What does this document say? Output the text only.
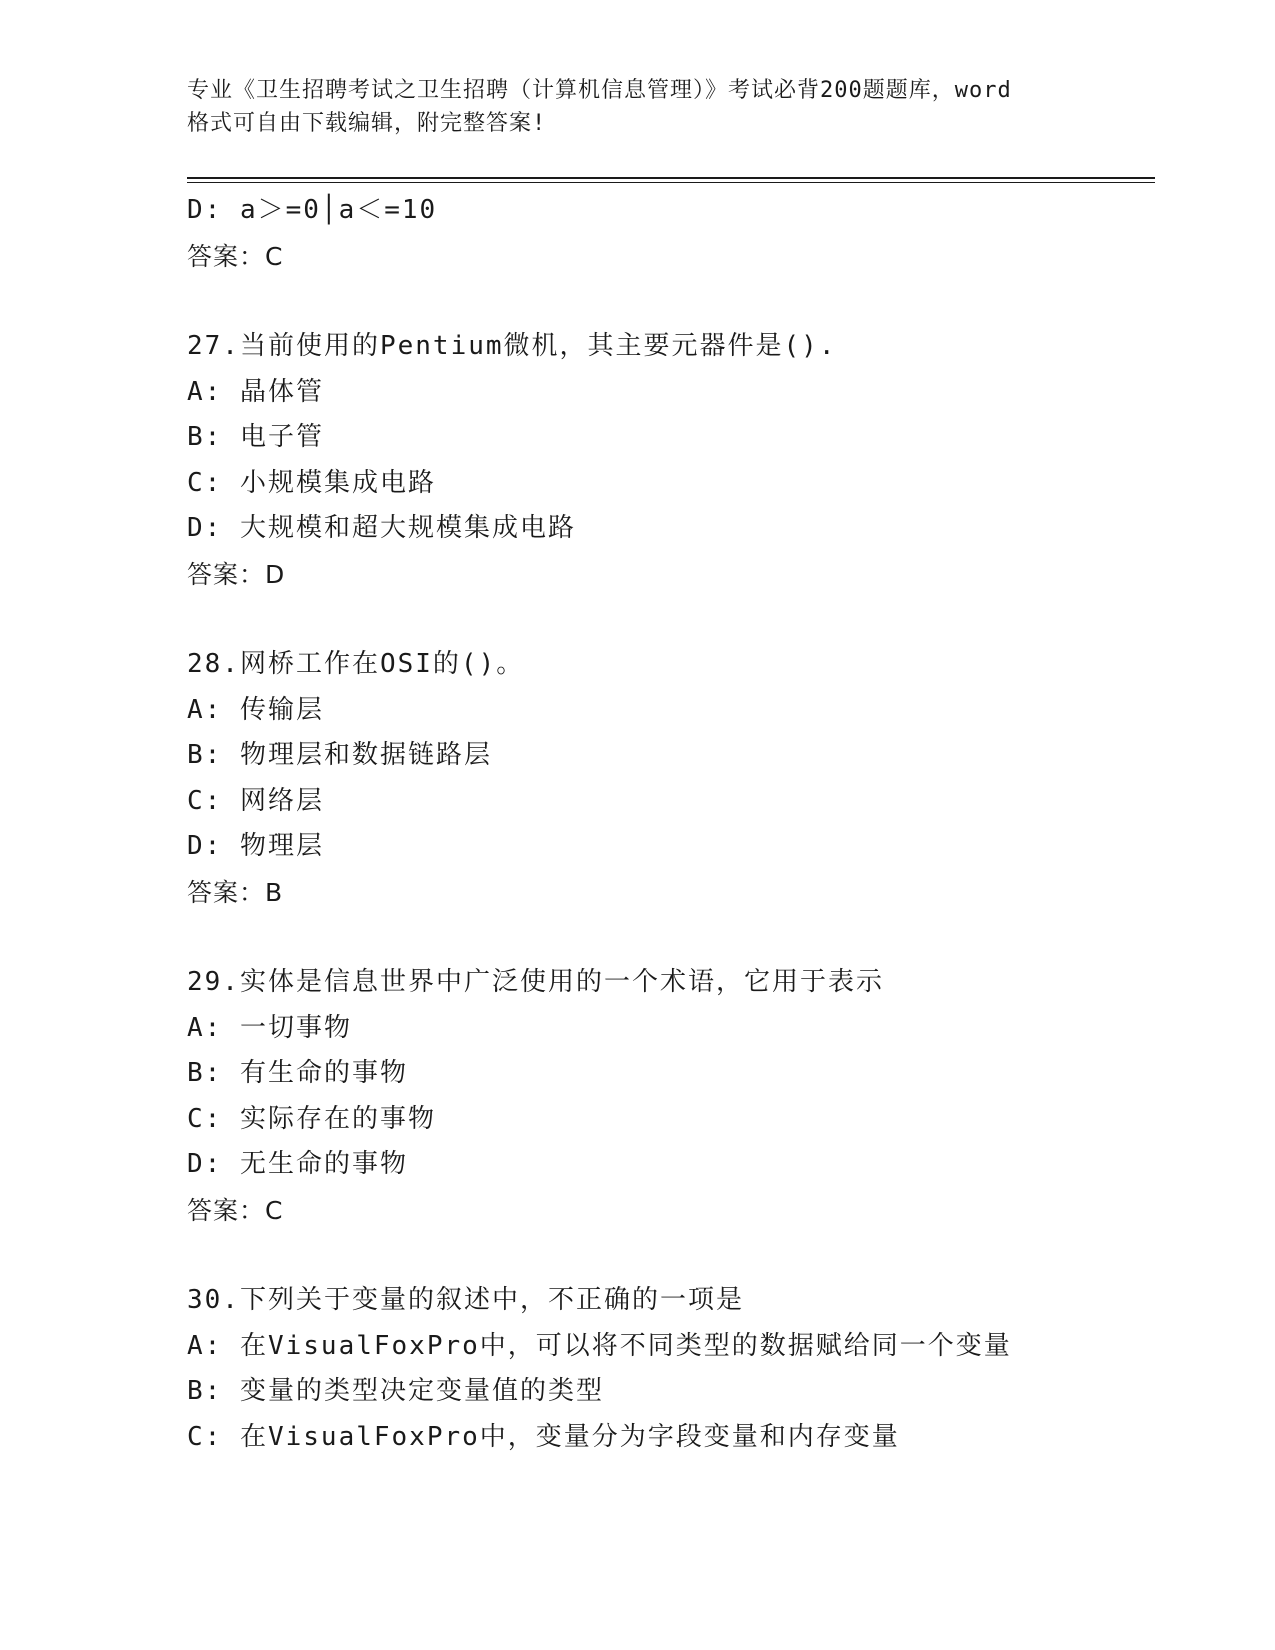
专业《卫生招聘考试之卫生招聘（计算机信息管理）》考试必背200题题库，word
格式可自由下载编辑，附完整答案!
D: a＞=0│a＜=10
答案：C
27.当前使用的Pentium微机，其主要元器件是().
A: 晶体管
B: 电子管
C: 小规模集成电路
D: 大规模和超大规模集成电路
答案：D
28.网桥工作在OSI的()。
A: 传输层
B: 物理层和数据链路层
C: 网络层
D: 物理层
答案：B
29.实体是信息世界中广泛使用的一个术语，它用于表示
A: 一切事物
B: 有生命的事物
C: 实际存在的事物
D: 无生命的事物
答案：C
30.下列关于变量的叙述中，不正确的一项是
A: 在VisualFoxPro中，可以将不同类型的数据赋给同一个变量
B: 变量的类型决定变量值的类型
C: 在VisualFoxPro中，变量分为字段变量和内存变量
